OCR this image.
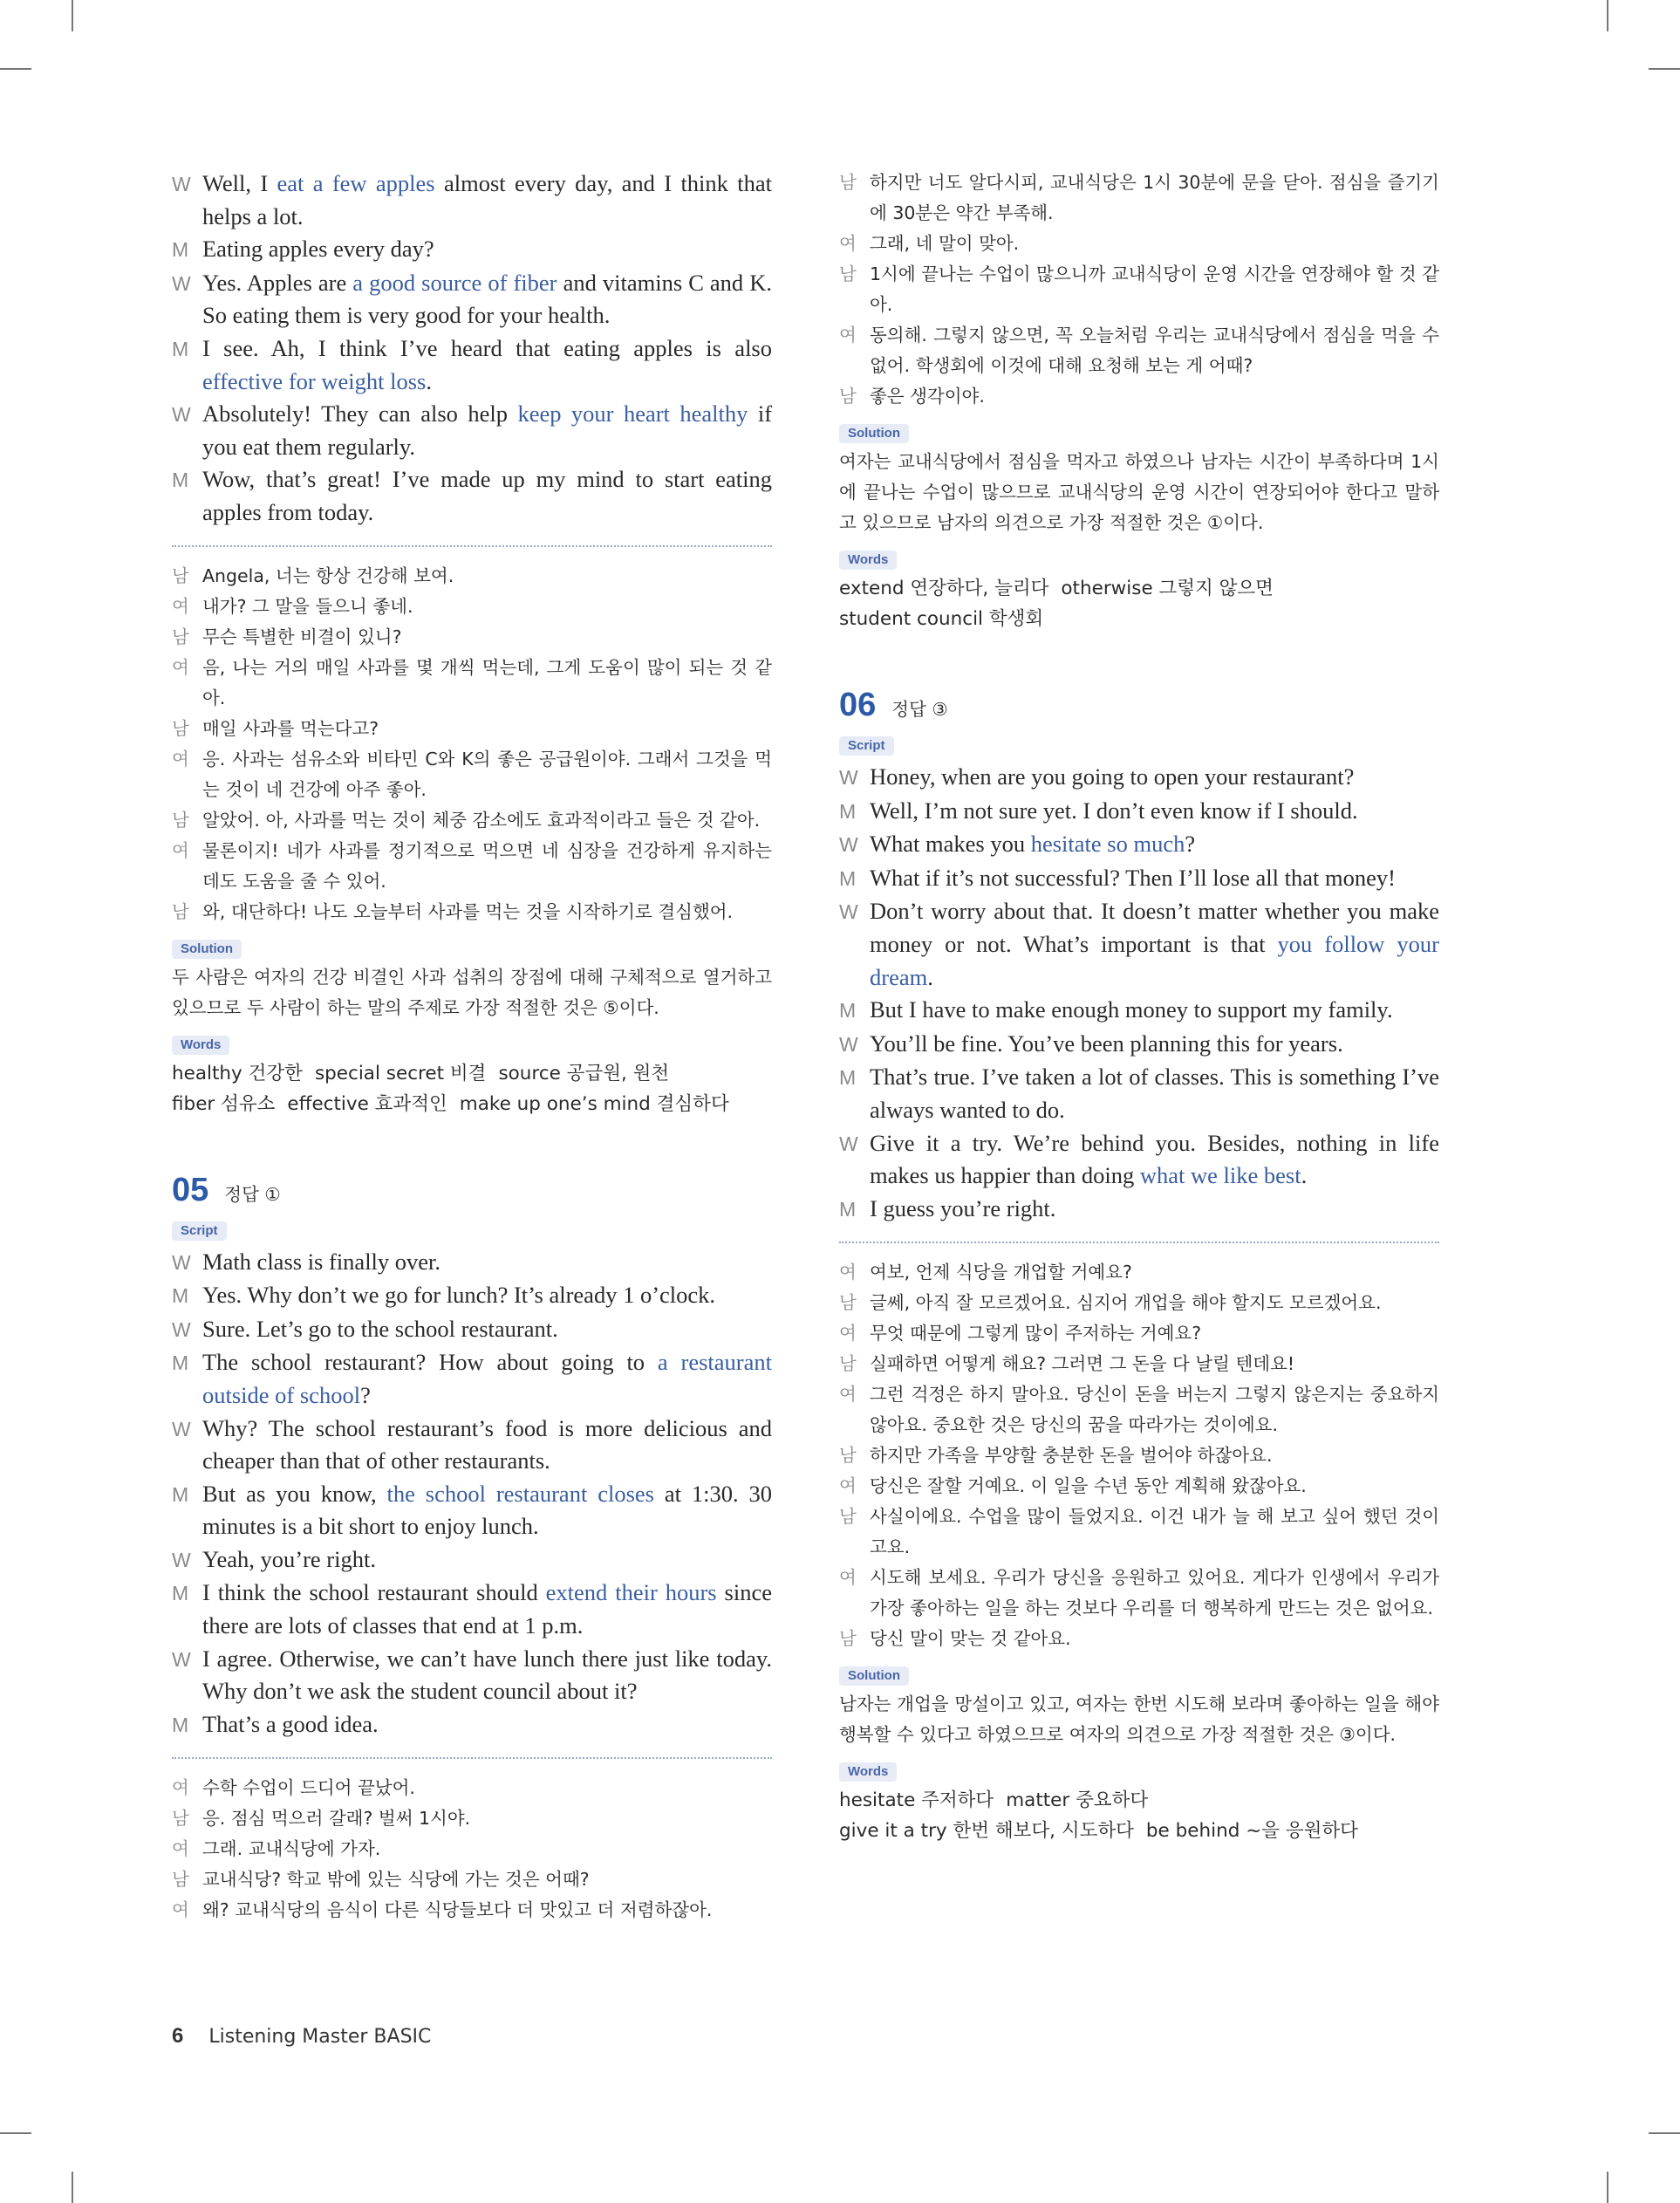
W Well, I eat a few apples almost every day, and I think that helps a lot.
M Eating apples every day?
W Yes. Apples are a good source of fiber and vitamins C and K. So eating them is very good for your health.
M I see. Ah, I think I’ve heard that eating apples is also effective for weight loss.
W Absolutely! They can also help keep your heart healthy if you eat them regularly.
M Wow, that’s great! I’ve made up my mind to start eating apples from today.
남 Angela, 너는 항상 건강해 보여.
여 내가? 그 말을 들으니 좋네.
남 무슨 특별한 비결이 있니?
여 음, 나는 거의 매일 사과를 몇 개씩 먹는데, 그게 도움이 많이 되는 것 같아.
남 매일 사과를 먹는다고?
여 응. 사과는 섬유소와 비타민 C와 K의 좋은 공급원이야. 그래서 그것을 먹는 것이 네 건강에 아주 좋아.
남 알았어. 아, 사과를 먹는 것이 체중 감소에도 효과적이라고 들은 것 같아.
여 물론이지! 네가 사과를 정기적으로 먹으면 네 심장을 건강하게 유지하는 데도 도움을 줄 수 있어.
남 와, 대단하다! 나도 오늘부터 사과를 먹는 것을 시작하기로 결심했어.
Solution
두 사람은 여자의 건강 비결인 사과 섭취의 장점에 대해 구체적으로 열거하고 있으므로 두 사람이 하는 말의 주제로 가장 적절한 것은 ⑤이다.
Words
healthy 건강한 special secret 비결 source 공급원, 원천
fiber 섬유소 effective 효과적인 make up one’s mind 결심하다
05 정답 ①
Script
W Math class is finally over.
M Yes. Why don’t we go for lunch? It’s already 1 o’clock.
W Sure. Let’s go to the school restaurant.
M The school restaurant? How about going to a restaurant outside of school?
W Why? The school restaurant’s food is more delicious and cheaper than that of other restaurants.
M But as you know, the school restaurant closes at 1:30. 30 minutes is a bit short to enjoy lunch.
W Yeah, you’re right.
M I think the school restaurant should extend their hours since there are lots of classes that end at 1 p.m.
W I agree. Otherwise, we can’t have lunch there just like today. Why don’t we ask the student council about it?
M That’s a good idea.
여 수학 수업이 드디어 끝났어.
남 응. 점심 먹으러 갈래? 벌써 1시야.
여 그래. 교내식당에 가자.
남 교내식당? 학교 밖에 있는 식당에 가는 것은 어때?
여 왜? 교내식당의 음식이 다른 식당들보다 더 맛있고 더 저렴하잖아.
남 하지만 너도 알다시피, 교내식당은 1시 30분에 문을 닫아. 점심을 즐기기에 30분은 약간 부족해.
여 그래, 네 말이 맞아.
남 1시에 끝나는 수업이 많으니까 교내식당이 운영 시간을 연장해야 할 것 같아.
여 동의해. 그렇지 않으면, 꼭 오늘처럼 우리는 교내식당에서 점심을 먹을 수 없어. 학생회에 이것에 대해 요청해 보는 게 어때?
남 좋은 생각이야.
Solution
여자는 교내식당에서 점심을 먹자고 하였으나 남자는 시간이 부족하다며 1시에 끝나는 수업이 많으므로 교내식당의 운영 시간이 연장되어야 한다고 말하고 있으므로 남자의 의견으로 가장 적절한 것은 ①이다.
Words
extend 연장하다, 늘리다 otherwise 그렇지 않으면
student council 학생회
06 정답 ③
Script
W Honey, when are you going to open your restaurant?
M Well, I’m not sure yet. I don’t even know if I should.
W What makes you hesitate so much?
M What if it’s not successful? Then I’ll lose all that money!
W Don’t worry about that. It doesn’t matter whether you make money or not. What’s important is that you follow your dream.
M But I have to make enough money to support my family.
W You’ll be fine. You’ve been planning this for years.
M That’s true. I’ve taken a lot of classes. This is something I’ve always wanted to do.
W Give it a try. We’re behind you. Besides, nothing in life makes us happier than doing what we like best.
M I guess you’re right.
여 여보, 언제 식당을 개업할 거예요?
남 글쎄, 아직 잘 모르겠어요. 심지어 개업을 해야 할지도 모르겠어요.
여 무엇 때문에 그렇게 많이 주저하는 거예요?
남 실패하면 어떻게 해요? 그러면 그 돈을 다 날릴 텐데요!
여 그런 걱정은 하지 말아요. 당신이 돈을 버는지 그렇지 않은지는 중요하지 않아요. 중요한 것은 당신의 꿈을 따라가는 것이에요.
남 하지만 가족을 부양할 충분한 돈을 벌어야 하잖아요.
여 당신은 잘할 거예요. 이 일을 수년 동안 계획해 왔잖아요.
남 사실이에요. 수업을 많이 들었지요. 이건 내가 늘 해 보고 싶어 했던 것이고요.
여 시도해 보세요. 우리가 당신을 응원하고 있어요. 게다가 인생에서 우리가 가장 좋아하는 일을 하는 것보다 우리를 더 행복하게 만드는 것은 없어요.
남 당신 말이 맞는 것 같아요.
Solution
남자는 개업을 망설이고 있고, 여자는 한번 시도해 보라며 좋아하는 일을 해야 행복할 수 있다고 하였으므로 여자의 의견으로 가장 적절한 것은 ③이다.
Words
hesitate 주저하다 matter 중요하다
give it a try 한번 해보다, 시도하다 be behind ~을 응원하다
6 Listening Master BASIC
